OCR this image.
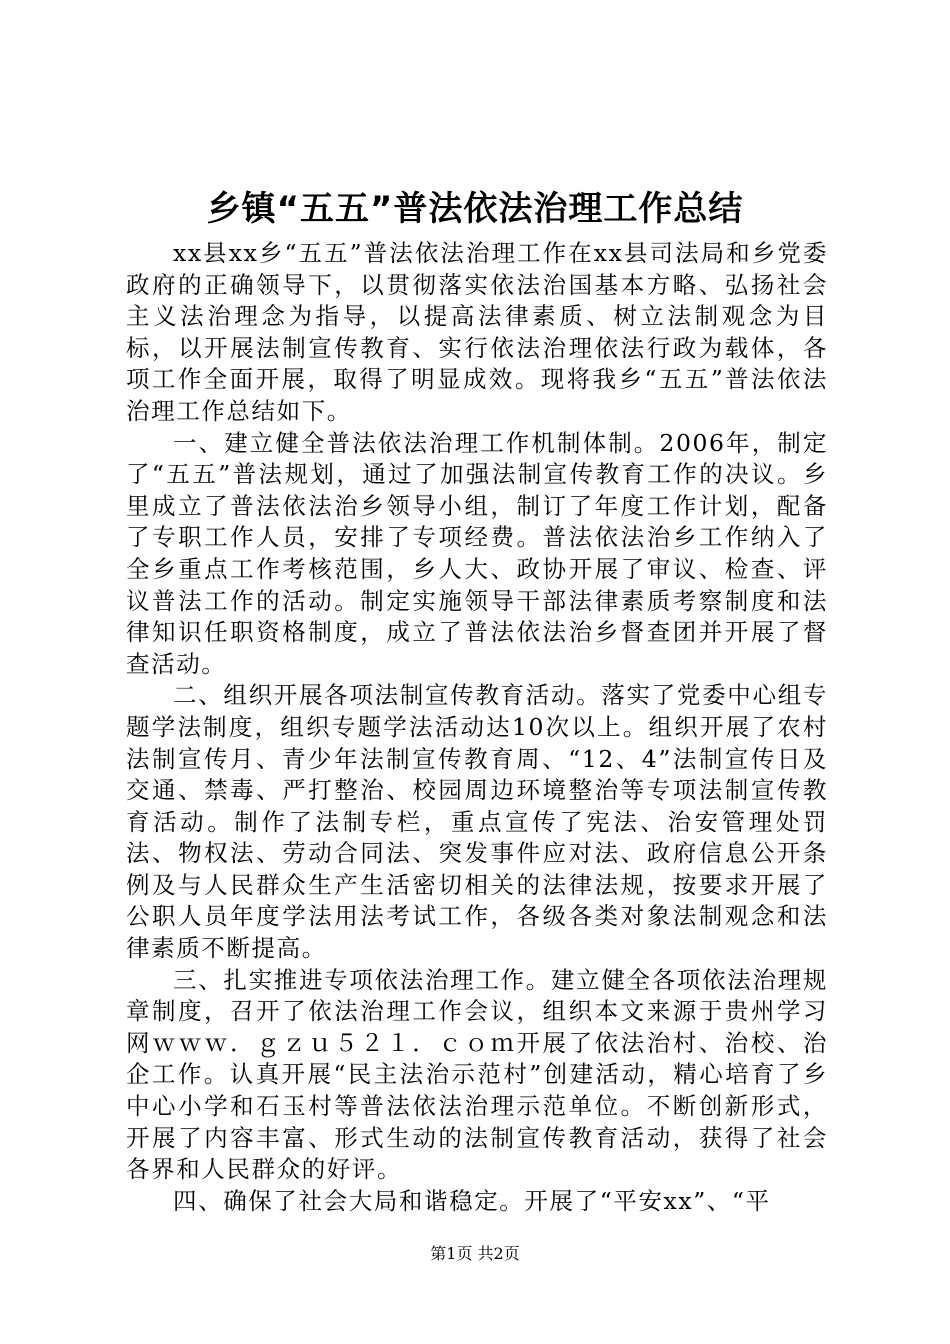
乡镇“五五”普法依法治理工作总结

xx县xx乡“五五”普法依法治理工作在xx县司法局和乡党委政府的正确领导下，以贯彻落实依法治国基本方略、弘扬社会主义法治理念为指导，以提高法律素质、树立法制观念为目标，以开展法制宣传教育、实行依法治理依法行政为载体，各项工作全面开展，取得了明显成效。现将我乡“五五”普法依法治理工作总结如下。

一、建立健全普法依法治理工作机制体制。2006年，制定了“五五”普法规划，通过了加强法制宣传教育工作的决议。乡里成立了普法依法治乡领导小组，制订了年度工作计划，配备了专职工作人员，安排了专项经费。普法依法治乡工作纳入了全乡重点工作考核范围，乡人大、政协开展了审议、检查、评议普法工作的活动。制定实施领导干部法律素质考察制度和法律知识任职资格制度，成立了普法依法治乡督查团并开展了督查活动。

二、组织开展各项法制宣传教育活动。落实了党委中心组专题学法制度，组织专题学法活动达10次以上。组织开展了农村法制宣传月、青少年法制宣传教育周、“12、4”法制宣传日及交通、禁毒、严打整治、校园周边环境整治等专项法制宣传教育活动。制作了法制专栏，重点宣传了宪法、治安管理处罚法、物权法、劳动合同法、突发事件应对法、政府信息公开条例及与人民群众生产生活密切相关的法律法规，按要求开展了公职人员年度学法用法考试工作，各级各类对象法制观念和法律素质不断提高。

三、扎实推进专项依法治理工作。建立健全各项依法治理规章制度，召开了依法治理工作会议，组织本文来源于贵州学习网ｗｗｗ．ｇｚｕ５２１．ｃｏｍ开展了依法治村、治校、治企工作。认真开展“民主法治示范村”创建活动，精心培育了乡中心小学和石玉村等普法依法治理示范单位。不断创新形式，开展了内容丰富、形式生动的法制宣传教育活动，获得了社会各界和人民群众的好评。

四、确保了社会大局和谐稳定。开展了“平安xx”、“平

第1页 共2页
